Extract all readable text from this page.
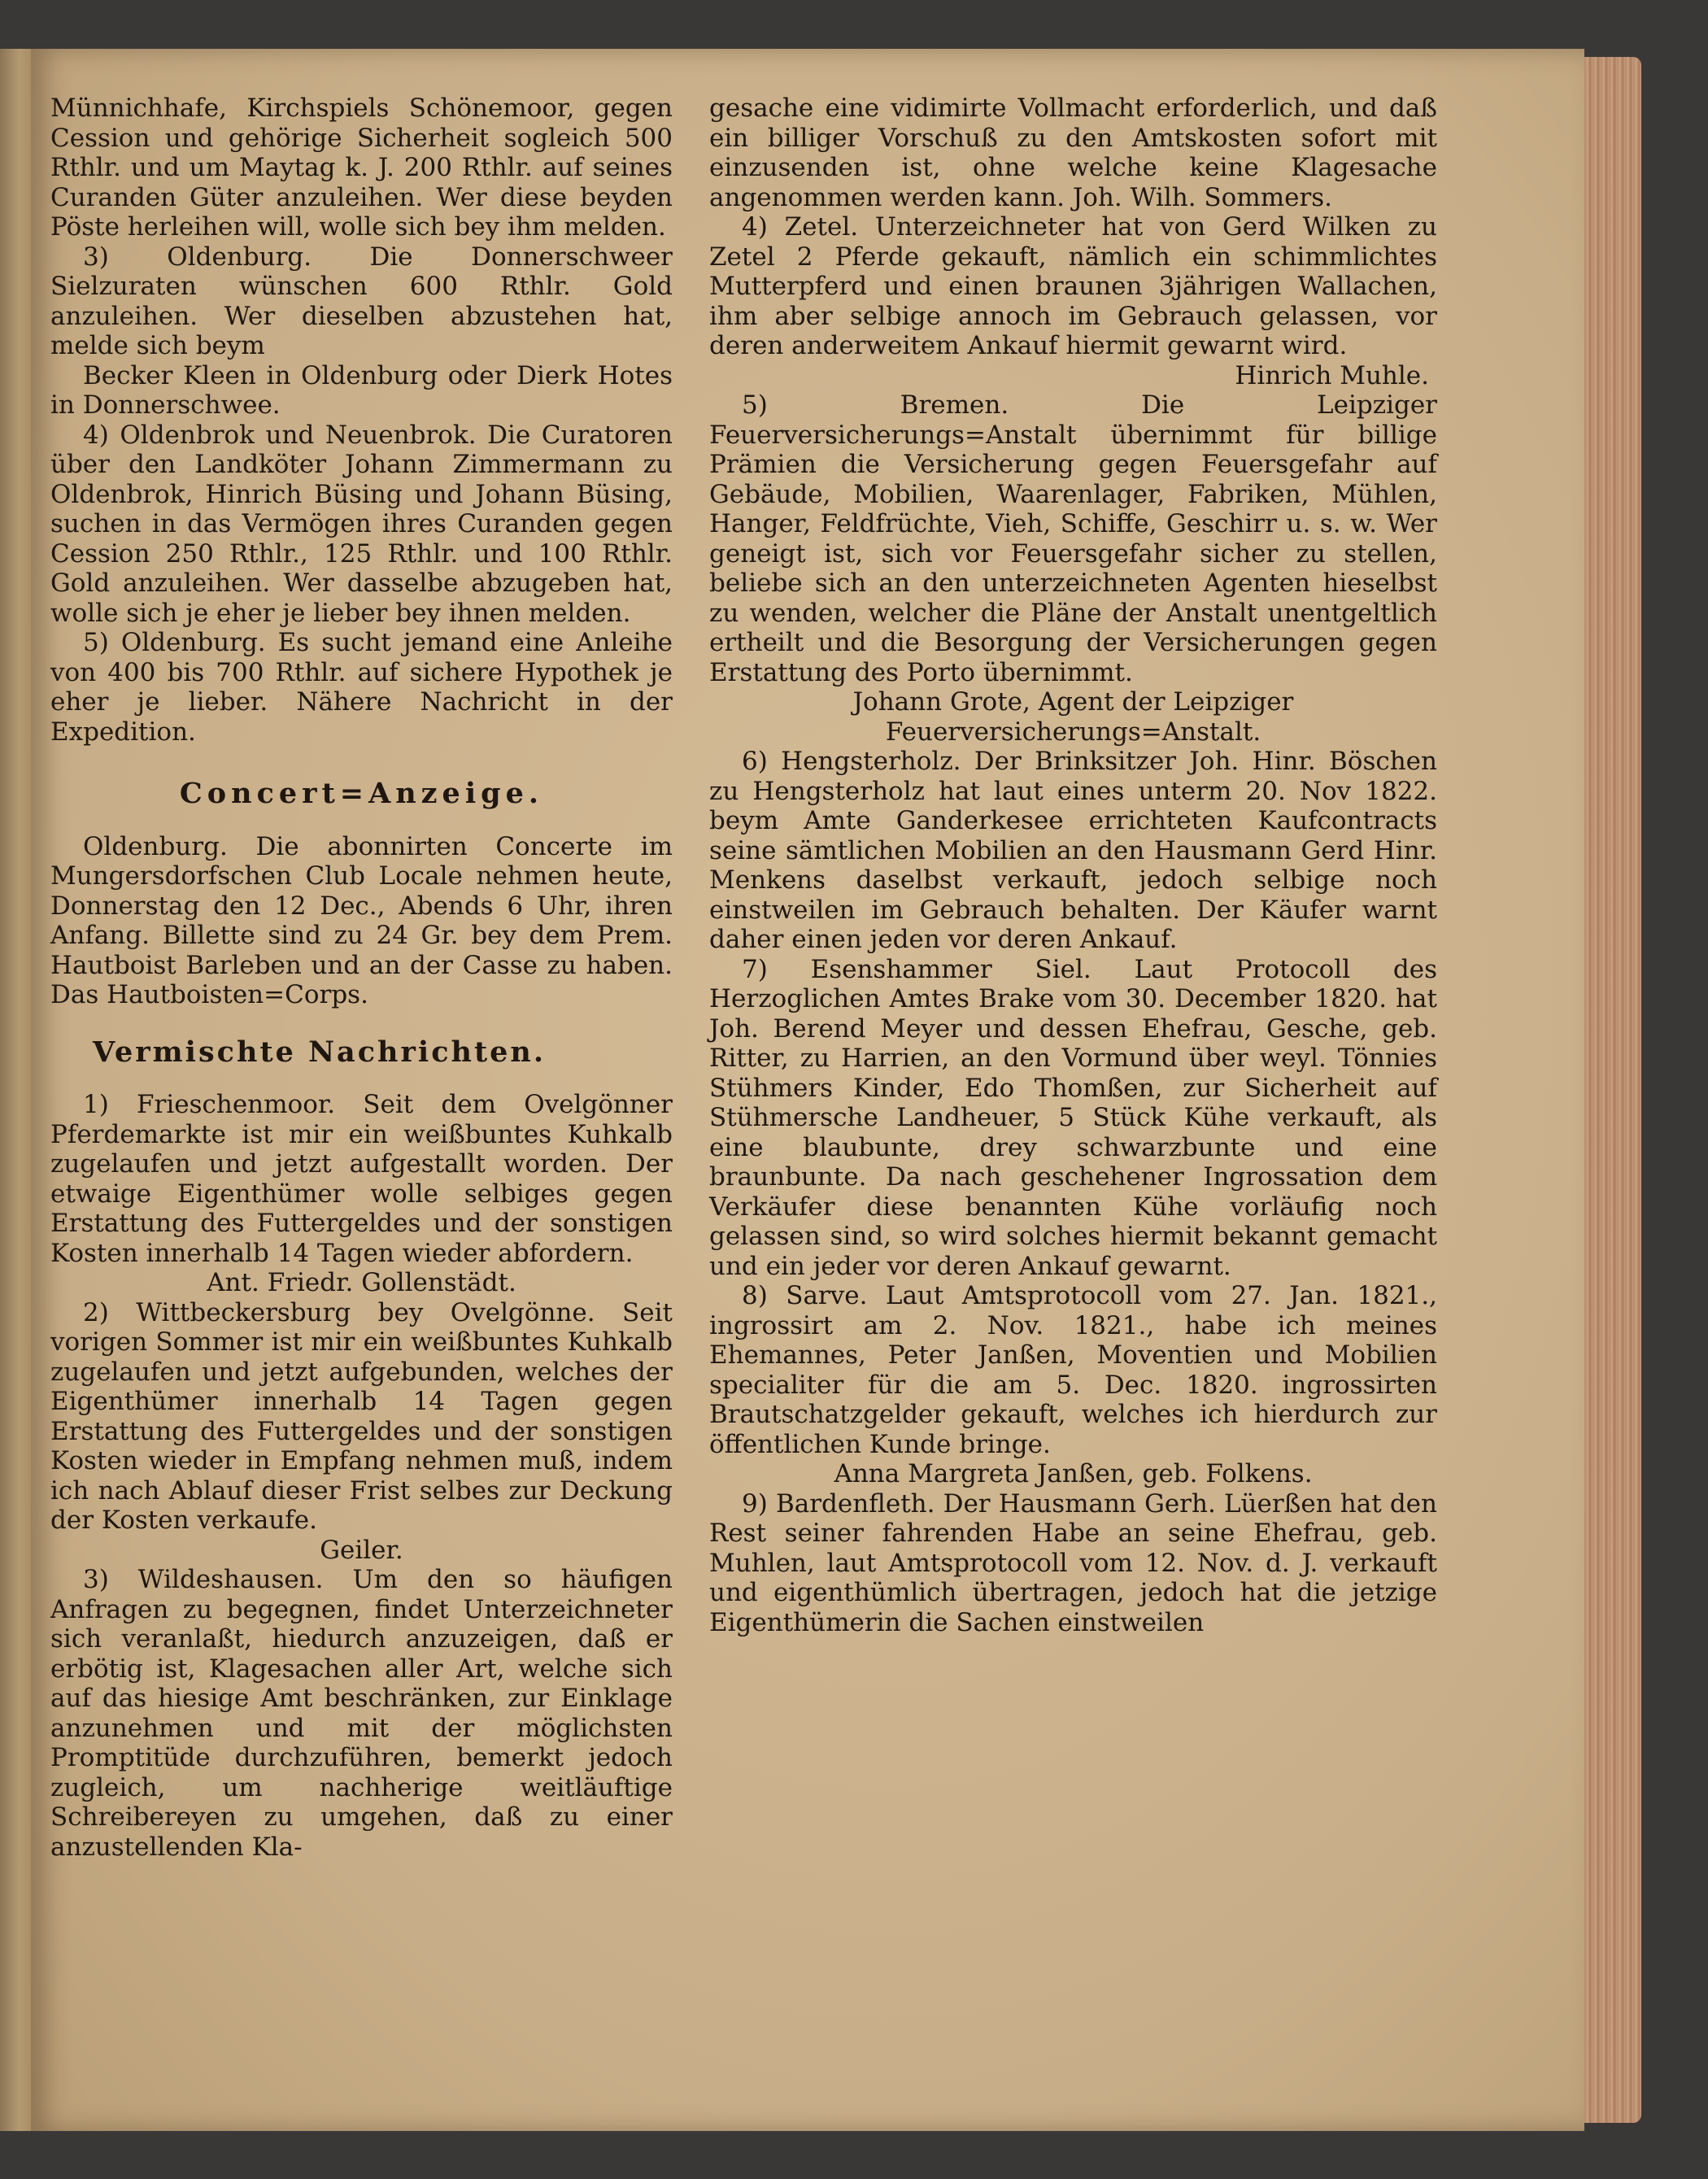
Münnichhafe, Kirchspiels Schönemoor, gegen Cession und gehörige Sicherheit sogleich 500 Rthlr. und um Maytag k. J. 200 Rthlr. auf seines Curanden Güter anzuleihen. Wer diese beyden Pöste herleihen will, wolle sich bey ihm melden.

3) Oldenburg. Die Donnerschweer Sielzuraten wünschen 600 Rthlr. Gold anzuleihen. Wer dieselben abzustehen hat, melde sich beym

Becker Kleen in Oldenburg oder Dierk Hotes in Donnerschwee.

4) Oldenbrok und Neuenbrok. Die Curatoren über den Landköter Johann Zimmermann zu Oldenbrok, Hinrich Büsing und Johann Büsing, suchen in das Vermögen ihres Curanden gegen Cession 250 Rthlr., 125 Rthlr. und 100 Rthlr. Gold anzuleihen. Wer dasselbe abzugeben hat, wolle sich je eher je lieber bey ihnen melden.

5) Oldenburg. Es sucht jemand eine Anleihe von 400 bis 700 Rthlr. auf sichere Hypothek je eher je lieber. Nähere Nachricht in der Expedition.

Concert=Anzeige.

Oldenburg. Die abonnirten Concerte im Mungersdorfschen Club Locale nehmen heute, Donnerstag den 12 Dec., Abends 6 Uhr, ihren Anfang. Billette sind zu 24 Gr. bey dem Prem. Hautboist Barleben und an der Casse zu haben. Das Hautboisten=Corps.

Vermischte Nachrichten.

1) Frieschenmoor. Seit dem Ovelgönner Pferdemarkte ist mir ein weißbuntes Kuhkalb zugelaufen und jetzt aufgestallt worden. Der etwaige Eigenthümer wolle selbiges gegen Erstattung des Futtergeldes und der sonstigen Kosten innerhalb 14 Tagen wieder abfordern.

Ant. Friedr. Gollenstädt.

2) Wittbeckersburg bey Ovelgönne. Seit vorigen Sommer ist mir ein weißbuntes Kuhkalb zugelaufen und jetzt aufgebunden, welches der Eigenthümer innerhalb 14 Tagen gegen Erstattung des Futtergeldes und der sonstigen Kosten wieder in Empfang nehmen muß, indem ich nach Ablauf dieser Frist selbes zur Deckung der Kosten verkaufe.

Geiler.

3) Wildeshausen. Um den so häufigen Anfragen zu begegnen, findet Unterzeichneter sich veranlaßt, hiedurch anzuzeigen, daß er erbötig ist, Klagesachen aller Art, welche sich auf das hiesige Amt beschränken, zur Einklage anzunehmen und mit der möglichsten Promptitüde durchzuführen, bemerkt jedoch zugleich, um nachherige weitläuftige Schreibereyen zu umgehen, daß zu einer anzustellenden Kla-

gesache eine vidimirte Vollmacht erforderlich, und daß ein billiger Vorschuß zu den Amtskosten sofort mit einzusenden ist, ohne welche keine Klagesache angenommen werden kann. Joh. Wilh. Sommers.

4) Zetel. Unterzeichneter hat von Gerd Wilken zu Zetel 2 Pferde gekauft, nämlich ein schimmlichtes Mutterpferd und einen braunen 3jährigen Wallachen, ihm aber selbige annoch im Gebrauch gelassen, vor deren anderweitem Ankauf hiermit gewarnt wird.

Hinrich Muhle.

5) Bremen. Die Leipziger Feuerversicherungs=Anstalt übernimmt für billige Prämien die Versicherung gegen Feuersgefahr auf Gebäude, Mobilien, Waarenlager, Fabriken, Mühlen, Hanger, Feldfrüchte, Vieh, Schiffe, Geschirr u. s. w. Wer geneigt ist, sich vor Feuersgefahr sicher zu stellen, beliebe sich an den unterzeichneten Agenten hieselbst zu wenden, welcher die Pläne der Anstalt unentgeltlich ertheilt und die Besorgung der Versicherungen gegen Erstattung des Porto übernimmt.

Johann Grote, Agent der Leipziger Feuerversicherungs=Anstalt.

6) Hengsterholz. Der Brinksitzer Joh. Hinr. Böschen zu Hengsterholz hat laut eines unterm 20. Nov 1822. beym Amte Ganderkesee errichteten Kaufcontracts seine sämtlichen Mobilien an den Hausmann Gerd Hinr. Menkens daselbst verkauft, jedoch selbige noch einstweilen im Gebrauch behalten. Der Käufer warnt daher einen jeden vor deren Ankauf.

7) Esenshammer Siel. Laut Protocoll des Herzoglichen Amtes Brake vom 30. December 1820. hat Joh. Berend Meyer und dessen Ehefrau, Gesche, geb. Ritter, zu Harrien, an den Vormund über weyl. Tönnies Stühmers Kinder, Edo Thomßen, zur Sicherheit auf Stühmersche Landheuer, 5 Stück Kühe verkauft, als eine blaubunte, drey schwarzbunte und eine braunbunte. Da nach geschehener Ingrossation dem Verkäufer diese benannten Kühe vorläufig noch gelassen sind, so wird solches hiermit bekannt gemacht und ein jeder vor deren Ankauf gewarnt.

8) Sarve. Laut Amtsprotocoll vom 27. Jan. 1821., ingrossirt am 2. Nov. 1821., habe ich meines Ehemannes, Peter Janßen, Moventien und Mobilien specialiter für die am 5. Dec. 1820. ingrossirten Brautschatzgelder gekauft, welches ich hierdurch zur öffentlichen Kunde bringe.

Anna Margreta Janßen, geb. Folkens.

9) Bardenfleth. Der Hausmann Gerh. Lüerßen hat den Rest seiner fahrenden Habe an seine Ehefrau, geb. Muhlen, laut Amtsprotocoll vom 12. Nov. d. J. verkauft und eigenthümlich übertragen, jedoch hat die jetzige Eigenthümerin die Sachen einstweilen
